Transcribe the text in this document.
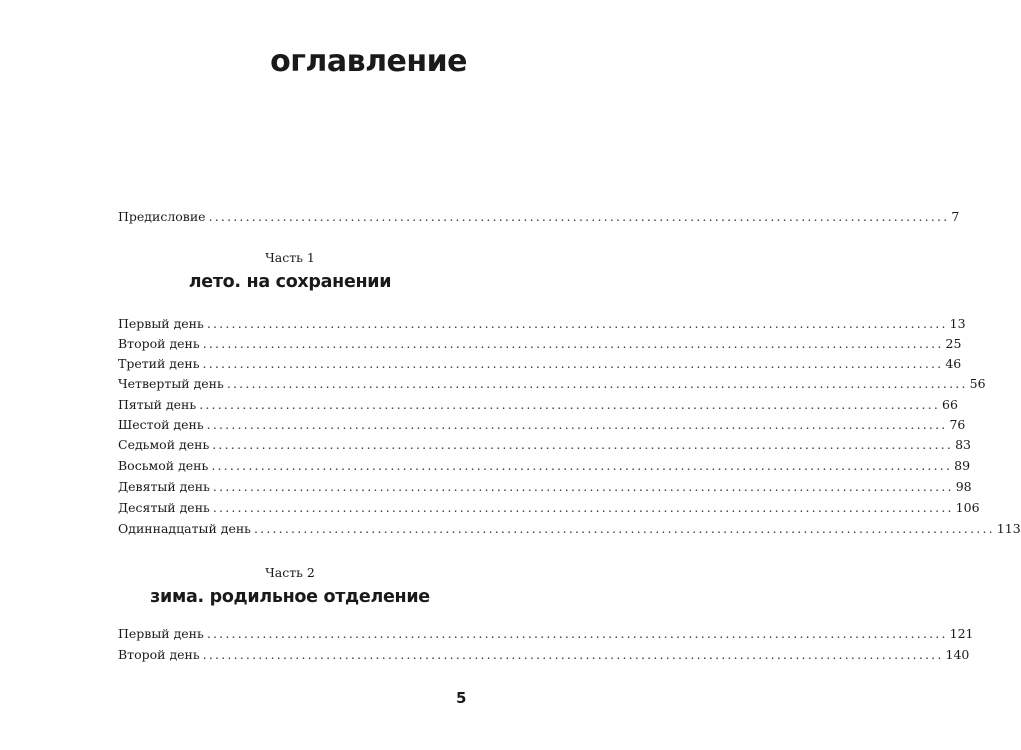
оглавление
Предисловие ........................................................................................................................ 7
Часть 1
лето. на сохранении
Первый день ........................................................................................................................ 13
Второй день ........................................................................................................................ 25
Третий день ........................................................................................................................ 46
Четвертый день ........................................................................................................................ 56
Пятый день ........................................................................................................................ 66
Шестой день ........................................................................................................................ 76
Седьмой день ........................................................................................................................ 83
Восьмой день ........................................................................................................................ 89
Девятый день ........................................................................................................................ 98
Десятый день ........................................................................................................................ 106
Одиннадцатый день ........................................................................................................................ 113
Часть 2
зима. родильное отделение
Первый день ........................................................................................................................ 121
Второй день ........................................................................................................................ 140
5
